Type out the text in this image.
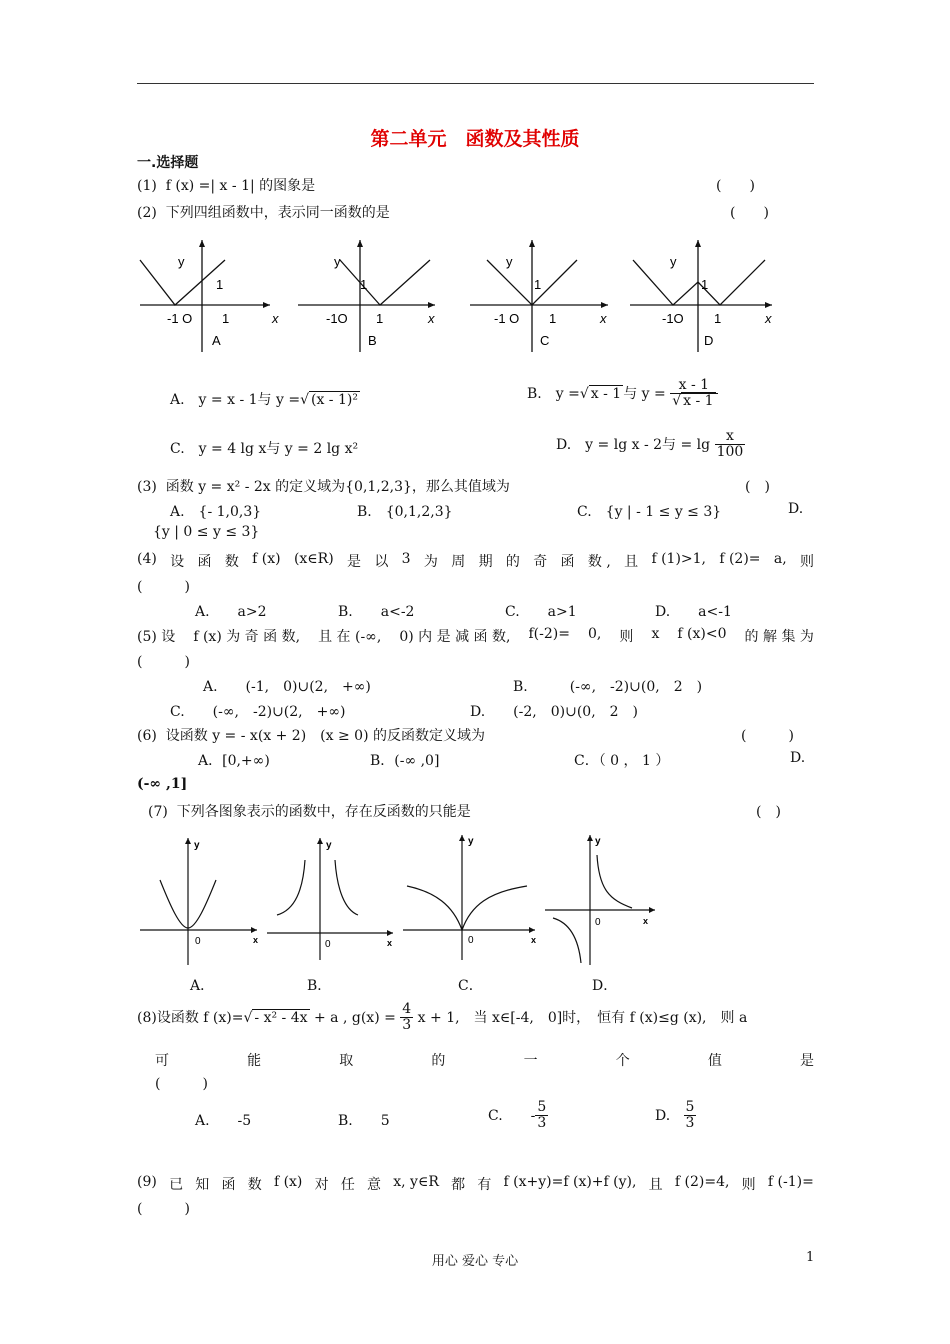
第二单元　函数及其性质
一.选择题
(1) f (x) =| x - 1| 的图象是	(　　)
(2) 下列四组函数中，表示同一函数的是	(　　)
y
1
-1 O 1	x
A
y
1
-1O 1	x
B
y
1
-1 O 1	x
C
y
1
-1O 1	x
D
A.　y = x - 1与 y =√ (x - 1)²	B.　y =√ x - 1 与 $y = \frac{x - 1}{√ x - 1}$
C.　y = 4 lg x与 y = 2 lg x²	D.　y = lg x - 2与 = $\lg \frac{x}{100}$
(3) 函数 y = x² - 2x 的定义域为{0,1,2,3}，那么其值域为	(　)
A.　{- 1,0,3}	B.　{0,1,2,3}	C.　{y | - 1 ≤ y ≤ 3}	D.
{y | 0 ≤ y ≤ 3}
(4) 设 函 数 f (x) (x∈R) 是 以 3 为 周 期 的 奇 函 数 , 且 f (1)>1, f (2)= a, 则
(　　　)
A.　　a>2	B.　　a<-2	C.　　a>1	D.　　a<-1
(5) 设 f (x) 为 奇 函 数, 且 在 (-∞, 0) 内 是 减 函 数, f(-2)= 0, 则 x f (x)<0 的 解 集 为
(　　　)
A.　　(-1,　0)∪(2,　+∞)	B.　　　(-∞,　-2)∪(0,　2　)
C.　　(-∞,　-2)∪(2,　+∞)	D.　　(-2,　0)∪(0,　2　)
(6) 设函数 y = - x(x + 2)　(x ≥ 0) 的反函数定义域为	(　　　)
A．[0,+∞)	B．(-∞ ,0]	C．（ 0 ， 1 ）	D.
(-∞ ,1]
(7) 下列各图象表示的函数中，存在反函数的只能是	(　)
y
x
0
y
x
0
y
x
0
y
x
0
A．	B．	C．	D．
(8)设函数 f (x)=√ - x² - 4x + a , $g(x) = \frac{4}{3}$ x + 1,　当 x∈[-4,　0]时，　恒有 f (x)≤g (x),　则 a
可	能	取	的	一	个	值	是
(　　　)
A.　　-5	B.　　5	C.　　- $\frac{5}{3}$	D. $\frac{5}{3}$
(9) 已 知 函 数 f (x) 对 任 意 x, y∈R 都 有 f (x+y)=f (x)+f (y), 且 f (2)=4, 则 f (-1)=
(　　　)
用心 爱心 专心	1
